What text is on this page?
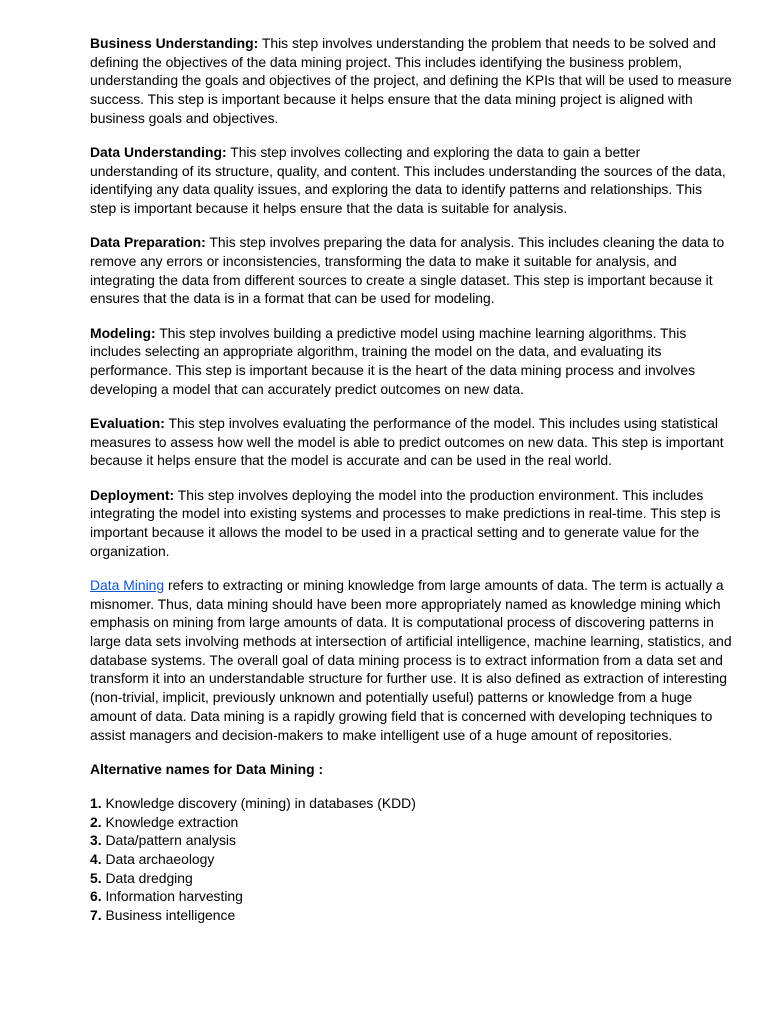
Business Understanding: This step involves understanding the problem that needs to be solved and defining the objectives of the data mining project. This includes identifying the business problem, understanding the goals and objectives of the project, and defining the KPIs that will be used to measure success. This step is important because it helps ensure that the data mining project is aligned with business goals and objectives.

Data Understanding: This step involves collecting and exploring the data to gain a better understanding of its structure, quality, and content. This includes understanding the sources of the data, identifying any data quality issues, and exploring the data to identify patterns and relationships. This step is important because it helps ensure that the data is suitable for analysis.

Data Preparation: This step involves preparing the data for analysis. This includes cleaning the data to remove any errors or inconsistencies, transforming the data to make it suitable for analysis, and integrating the data from different sources to create a single dataset. This step is important because it ensures that the data is in a format that can be used for modeling.

Modeling: This step involves building a predictive model using machine learning algorithms. This includes selecting an appropriate algorithm, training the model on the data, and evaluating its performance. This step is important because it is the heart of the data mining process and involves developing a model that can accurately predict outcomes on new data.

Evaluation: This step involves evaluating the performance of the model. This includes using statistical measures to assess how well the model is able to predict outcomes on new data. This step is important because it helps ensure that the model is accurate and can be used in the real world.

Deployment: This step involves deploying the model into the production environment. This includes integrating the model into existing systems and processes to make predictions in real-time. This step is important because it allows the model to be used in a practical setting and to generate value for the organization.

Data Mining refers to extracting or mining knowledge from large amounts of data. The term is actually a misnomer. Thus, data mining should have been more appropriately named as knowledge mining which emphasis on mining from large amounts of data. It is computational process of discovering patterns in large data sets involving methods at intersection of artificial intelligence, machine learning, statistics, and database systems. The overall goal of data mining process is to extract information from a data set and transform it into an understandable structure for further use. It is also defined as extraction of interesting (non-trivial, implicit, previously unknown and potentially useful) patterns or knowledge from a huge amount of data. Data mining is a rapidly growing field that is concerned with developing techniques to assist managers and decision-makers to make intelligent use of a huge amount of repositories.

Alternative names for Data Mining :

1. Knowledge discovery (mining) in databases (KDD)
2. Knowledge extraction
3. Data/pattern analysis
4. Data archaeology
5. Data dredging
6. Information harvesting
7. Business intelligence
